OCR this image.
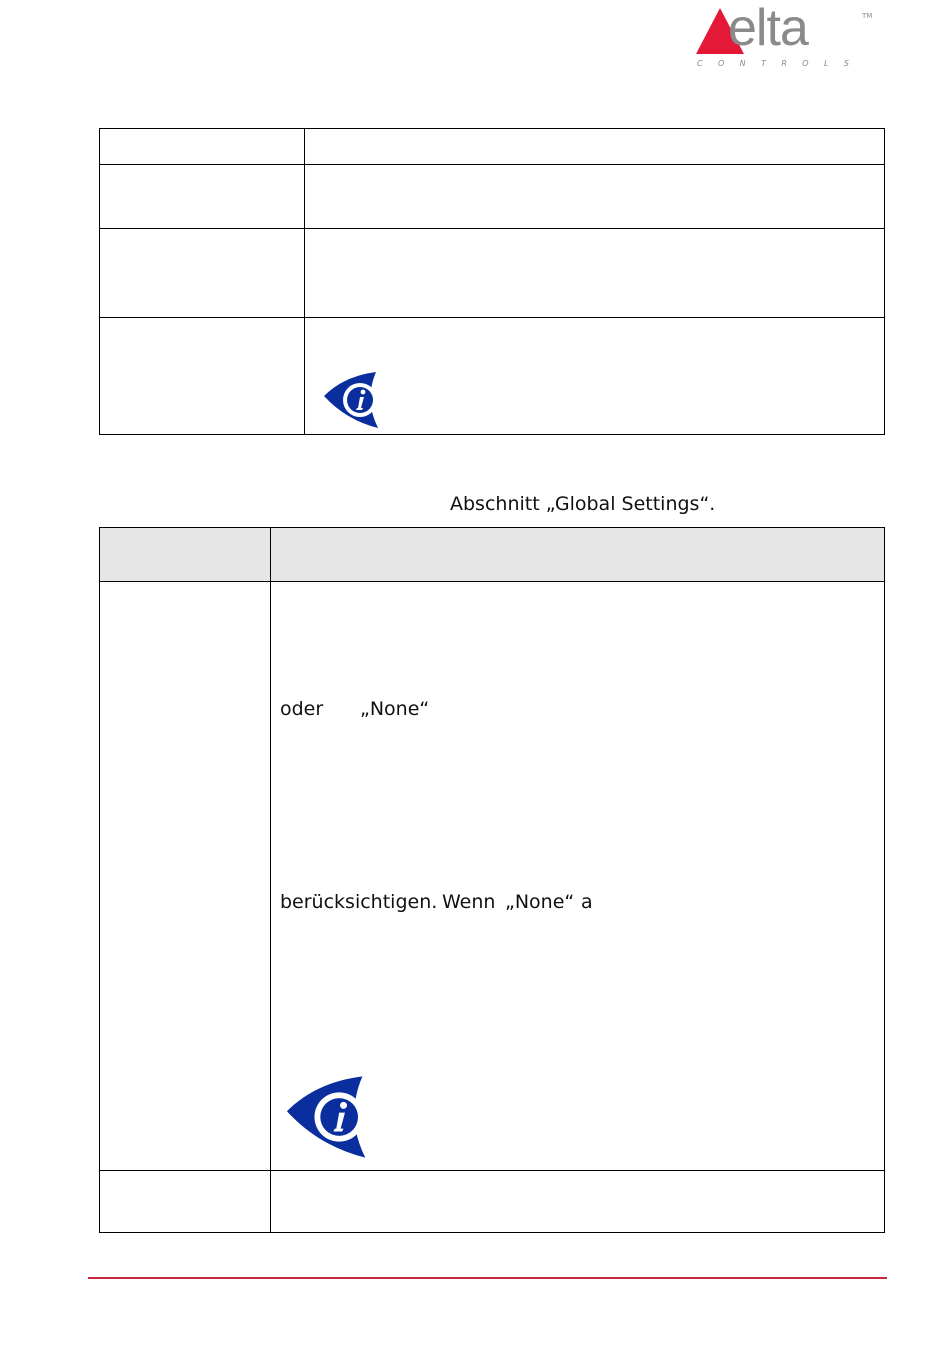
elta	TM
CONTROLS
Abschnitt „Global Settings“.
oder „None“
berücksichtigen. Wenn „None“ a
